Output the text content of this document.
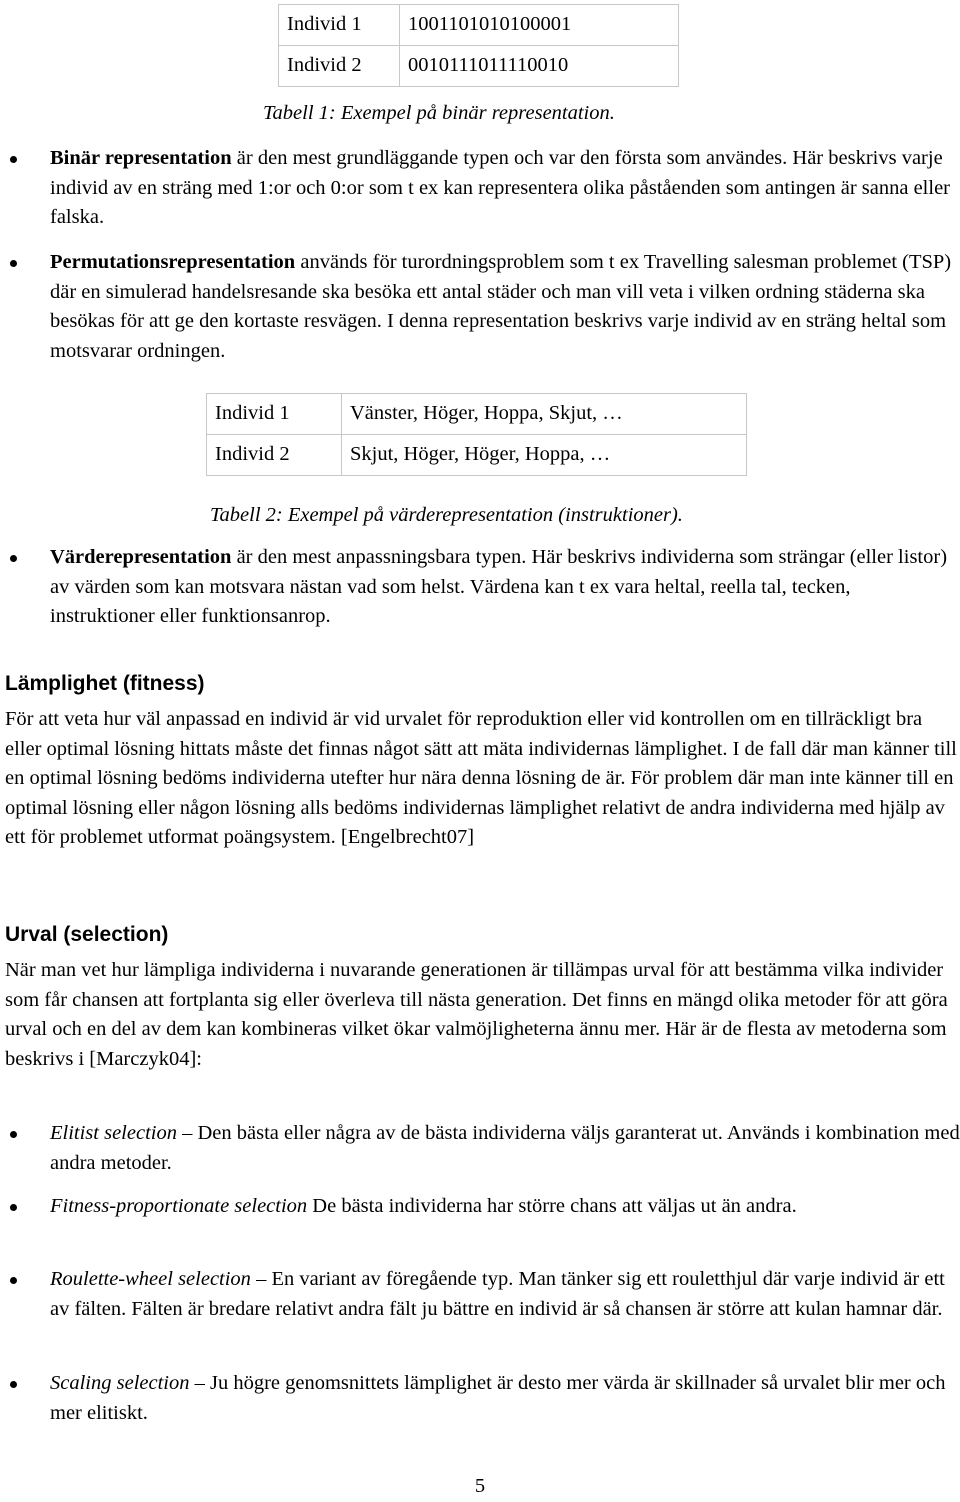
Individ 1	1001101010100001
Individ 2	0010111011110010
Tabell 1: Exempel på binär representation.
Binär representation är den mest grundläggande typen och var den första som användes. Här beskrivs varje individ av en sträng med 1:or och 0:or som t ex kan representera olika påståenden som antingen är sanna eller falska.
Permutationsrepresentation används för turordningsproblem som t ex Travelling salesman problemet (TSP) där en simulerad handelsresande ska besöka ett antal städer och man vill veta i vilken ordning städerna ska besökas för att ge den kortaste resvägen. I denna representation beskrivs varje individ av en sträng heltal som motsvarar ordningen.
Individ 1	Vänster, Höger, Hoppa, Skjut, …
Individ 2	Skjut, Höger, Höger, Hoppa, …
Tabell 2: Exempel på värderepresentation (instruktioner).
Värderepresentation är den mest anpassningsbara typen. Här beskrivs individerna som strängar (eller listor) av värden som kan motsvara nästan vad som helst. Värdena kan t ex vara heltal, reella tal, tecken, instruktioner eller funktionsanrop.
Lämplighet (fitness)
För att veta hur väl anpassad en individ är vid urvalet för reproduktion eller vid kontrollen om en tillräckligt bra eller optimal lösning hittats måste det finnas något sätt att mäta individernas lämplighet. I de fall där man känner till en optimal lösning bedöms individerna utefter hur nära denna lösning de är. För problem där man inte känner till en optimal lösning eller någon lösning alls bedöms individernas lämplighet relativt de andra individerna med hjälp av ett för problemet utformat poängsystem. [Engelbrecht07]
Urval (selection)
När man vet hur lämpliga individerna i nuvarande generationen är tillämpas urval för att bestämma vilka individer som får chansen att fortplanta sig eller överleva till nästa generation. Det finns en mängd olika metoder för att göra urval och en del av dem kan kombineras vilket ökar valmöjligheterna ännu mer. Här är de flesta av metoderna som beskrivs i [Marczyk04]:
Elitist selection – Den bästa eller några av de bästa individerna väljs garanterat ut. Används i kombination med andra metoder.
Fitness-proportionate selection De bästa individerna har större chans att väljas ut än andra.
Roulette-wheel selection – En variant av föregående typ. Man tänker sig ett rouletthjul där varje individ är ett av fälten. Fälten är bredare relativt andra fält ju bättre en individ är så chansen är större att kulan hamnar där.
Scaling selection – Ju högre genomsnittets lämplighet är desto mer värda är skillnader så urvalet blir mer och mer elitiskt.
5
